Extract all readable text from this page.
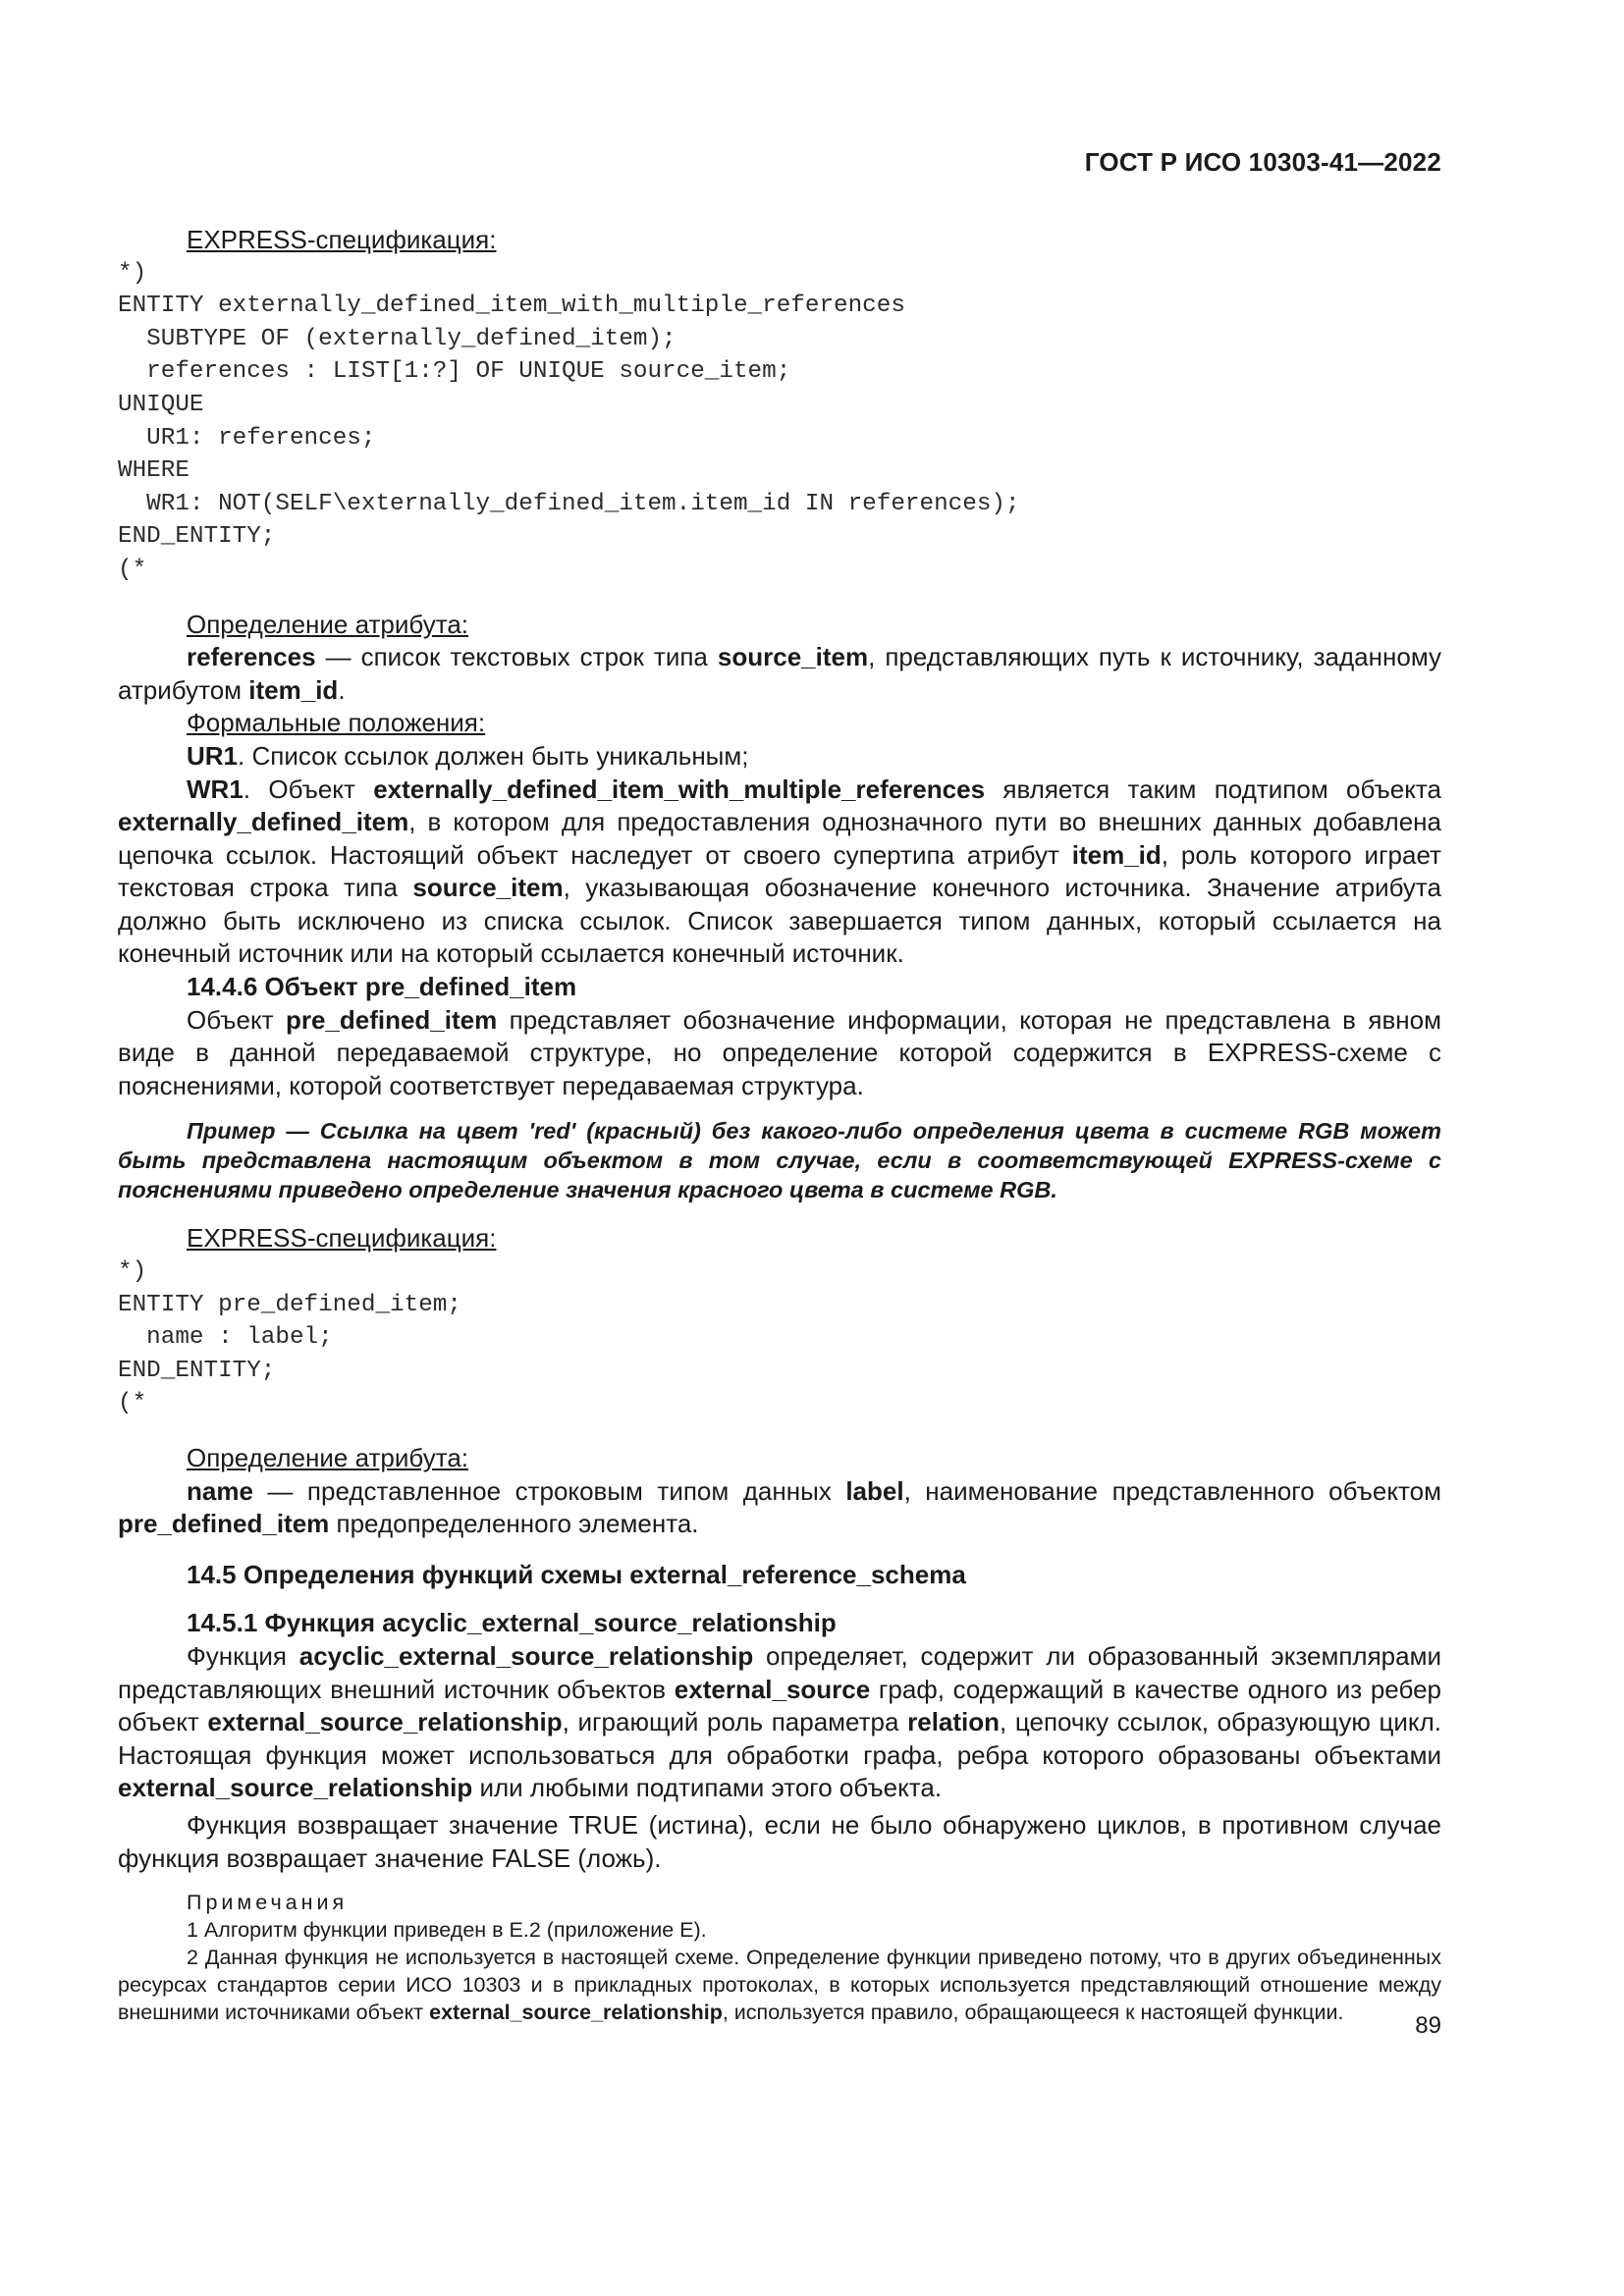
ГОСТ Р ИСО 10303-41—2022

EXPRESS-спецификация:

*)
ENTITY externally_defined_item_with_multiple_references
SUBTYPE OF (externally_defined_item);
references : LIST[1:?] OF UNIQUE source_item;
UNIQUE
UR1: references;
WHERE
WR1: NOT(SELF\externally_defined_item.item_id IN references);
END_ENTITY;
(*

Определение атрибута:

references — список текстовых строк типа source_item, представляющих путь к источнику, заданному атрибутом item_id.

Формальные положения:

UR1. Список ссылок должен быть уникальным;

WR1. Объект externally_defined_item_with_multiple_references является таким подтипом объекта externally_defined_item, в котором для предоставления однозначного пути во внешних данных добавлена цепочка ссылок. Настоящий объект наследует от своего супертипа атрибут item_id, роль которого играет текстовая строка типа source_item, указывающая обозначение конечного источника. Значение атрибута должно быть исключено из списка ссылок. Список завершается типом данных, который ссылается на конечный источник или на который ссылается конечный источник.

14.4.6 Объект pre_defined_item

Объект pre_defined_item представляет обозначение информации, которая не представлена в явном виде в данной передаваемой структуре, но определение которой содержится в EXPRESS-схеме с пояснениями, которой соответствует передаваемая структура.

Пример — Ссылка на цвет 'red' (красный) без какого-либо определения цвета в системе RGB может быть представлена настоящим объектом в том случае, если в соответствующей EXPRESS-схеме с пояснениями приведено определение значения красного цвета в системе RGB.

EXPRESS-спецификация:

*)
ENTITY pre_defined_item;
name : label;
END_ENTITY;
(*

Определение атрибута:

name — представленное строковым типом данных label, наименование представленного объектом pre_defined_item предопределенного элемента.

14.5 Определения функций схемы external_reference_schema

14.5.1 Функция acyclic_external_source_relationship

Функция acyclic_external_source_relationship определяет, содержит ли образованный экземплярами представляющих внешний источник объектов external_source граф, содержащий в качестве одного из ребер объект external_source_relationship, играющий роль параметра relation, цепочку ссылок, образующую цикл. Настоящая функция может использоваться для обработки графа, ребра которого образованы объектами external_source_relationship или любыми подтипами этого объекта.

Функция возвращает значение TRUE (истина), если не было обнаружено циклов, в противном случае функция возвращает значение FALSE (ложь).

Примечания

1 Алгоритм функции приведен в Е.2 (приложение Е).

2 Данная функция не используется в настоящей схеме. Определение функции приведено потому, что в других объединенных ресурсах стандартов серии ИСО 10303 и в прикладных протоколах, в которых используется представляющий отношение между внешними источниками объект external_source_relationship, используется правило, обращающееся к настоящей функции.	89
